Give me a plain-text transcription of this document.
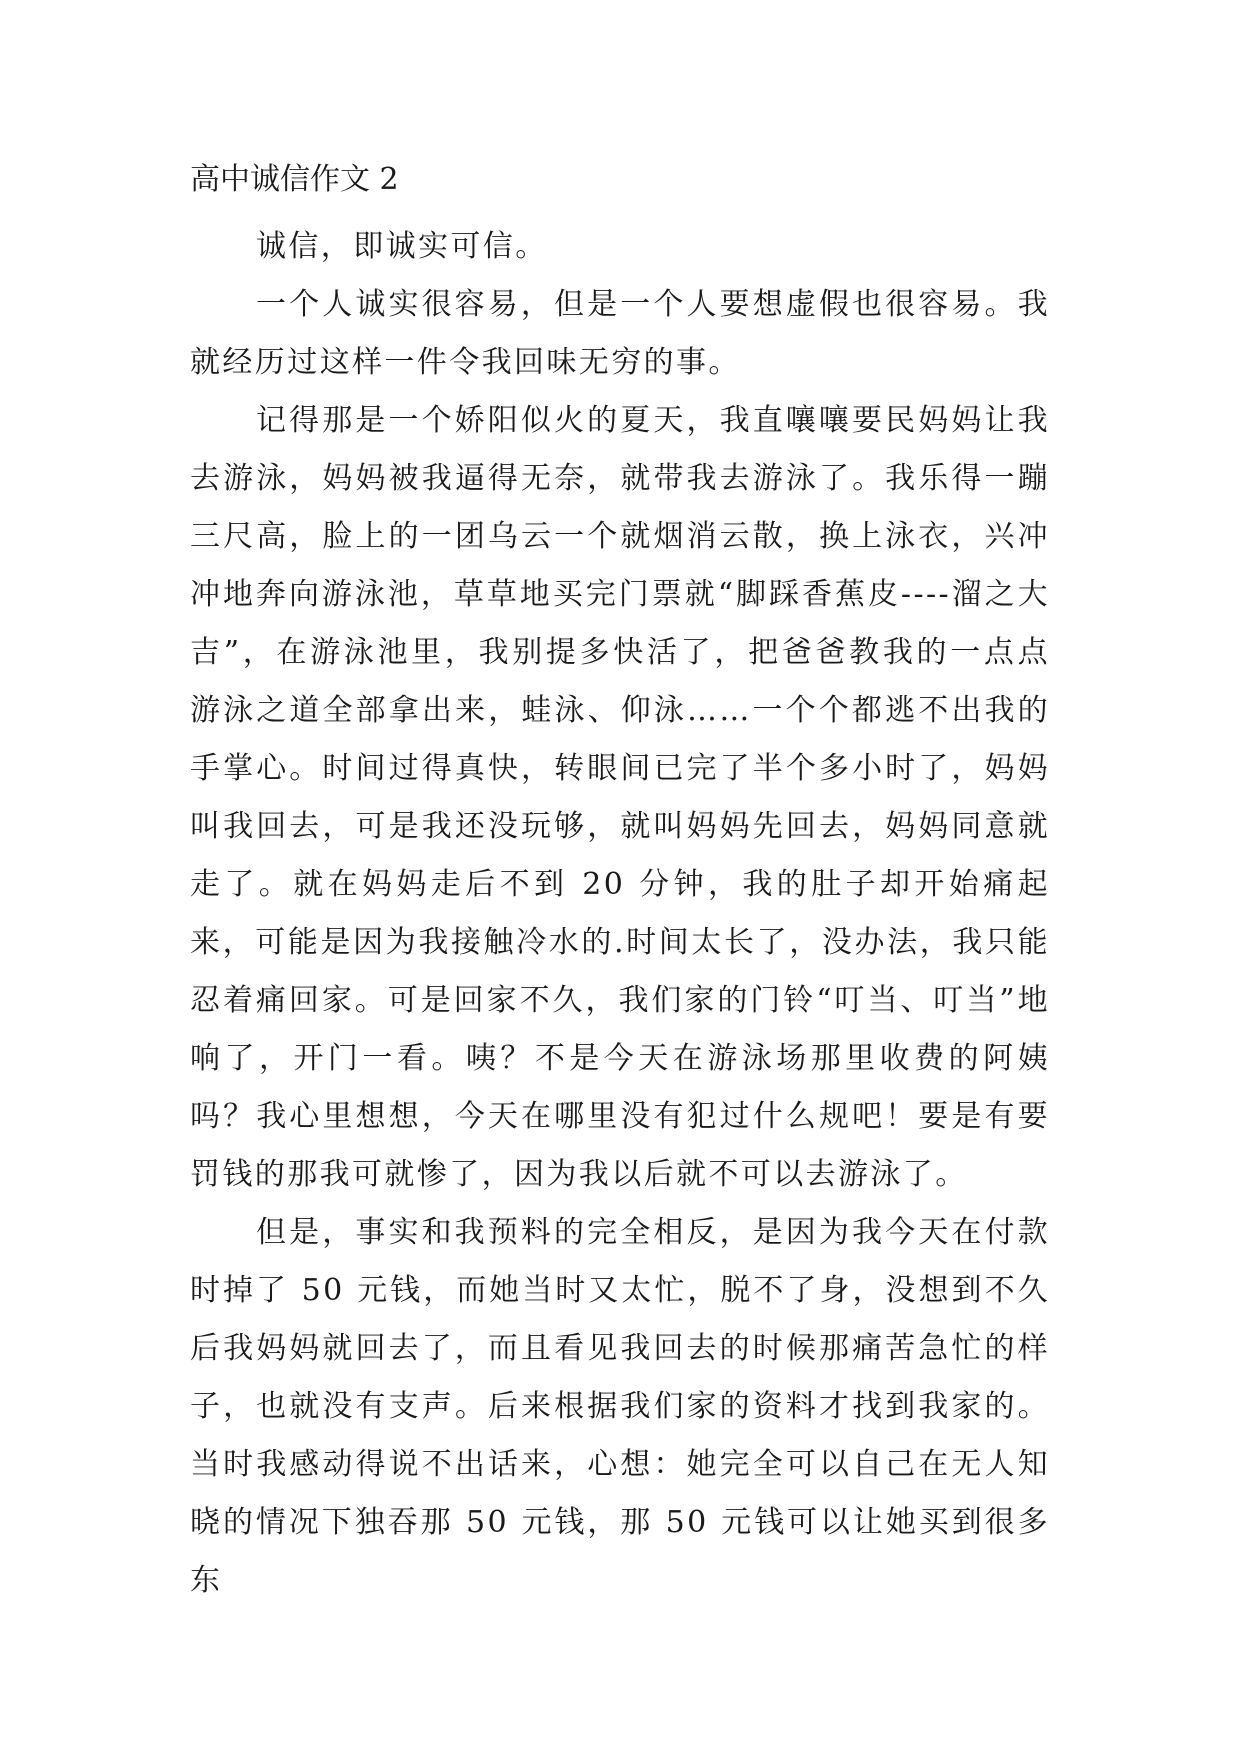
高中诚信作文 2

诚信，即诚实可信。

一个人诚实很容易，但是一个人要想虚假也很容易。我就经历过这样一件令我回味无穷的事。

记得那是一个娇阳似火的夏天，我直嚷嚷要民妈妈让我去游泳，妈妈被我逼得无奈，就带我去游泳了。我乐得一蹦三尺高，脸上的一团乌云一个就烟消云散，换上泳衣，兴冲冲地奔向游泳池，草草地买完门票就“脚踩香蕉皮----溜之大吉”，在游泳池里，我别提多快活了，把爸爸教我的一点点游泳之道全部拿出来，蛙泳、仰泳……一个个都逃不出我的手掌心。时间过得真快，转眼间已完了半个多小时了，妈妈叫我回去，可是我还没玩够，就叫妈妈先回去，妈妈同意就走了。就在妈妈走后不到 20 分钟，我的肚子却开始痛起来，可能是因为我接触冷水的.时间太长了，没办法，我只能忍着痛回家。可是回家不久，我们家的门铃“叮当、叮当”地响了，开门一看。咦？不是今天在游泳场那里收费的阿姨吗？我心里想想，今天在哪里没有犯过什么规吧！要是有要罚钱的那我可就惨了，因为我以后就不可以去游泳了。

但是，事实和我预料的完全相反，是因为我今天在付款时掉了 50 元钱，而她当时又太忙，脱不了身，没想到不久后我妈妈就回去了，而且看见我回去的时候那痛苦急忙的样子，也就没有支声。后来根据我们家的资料才找到我家的。当时我感动得说不出话来，心想：她完全可以自己在无人知晓的情况下独吞那 50 元钱，那 50 元钱可以让她买到很多东
